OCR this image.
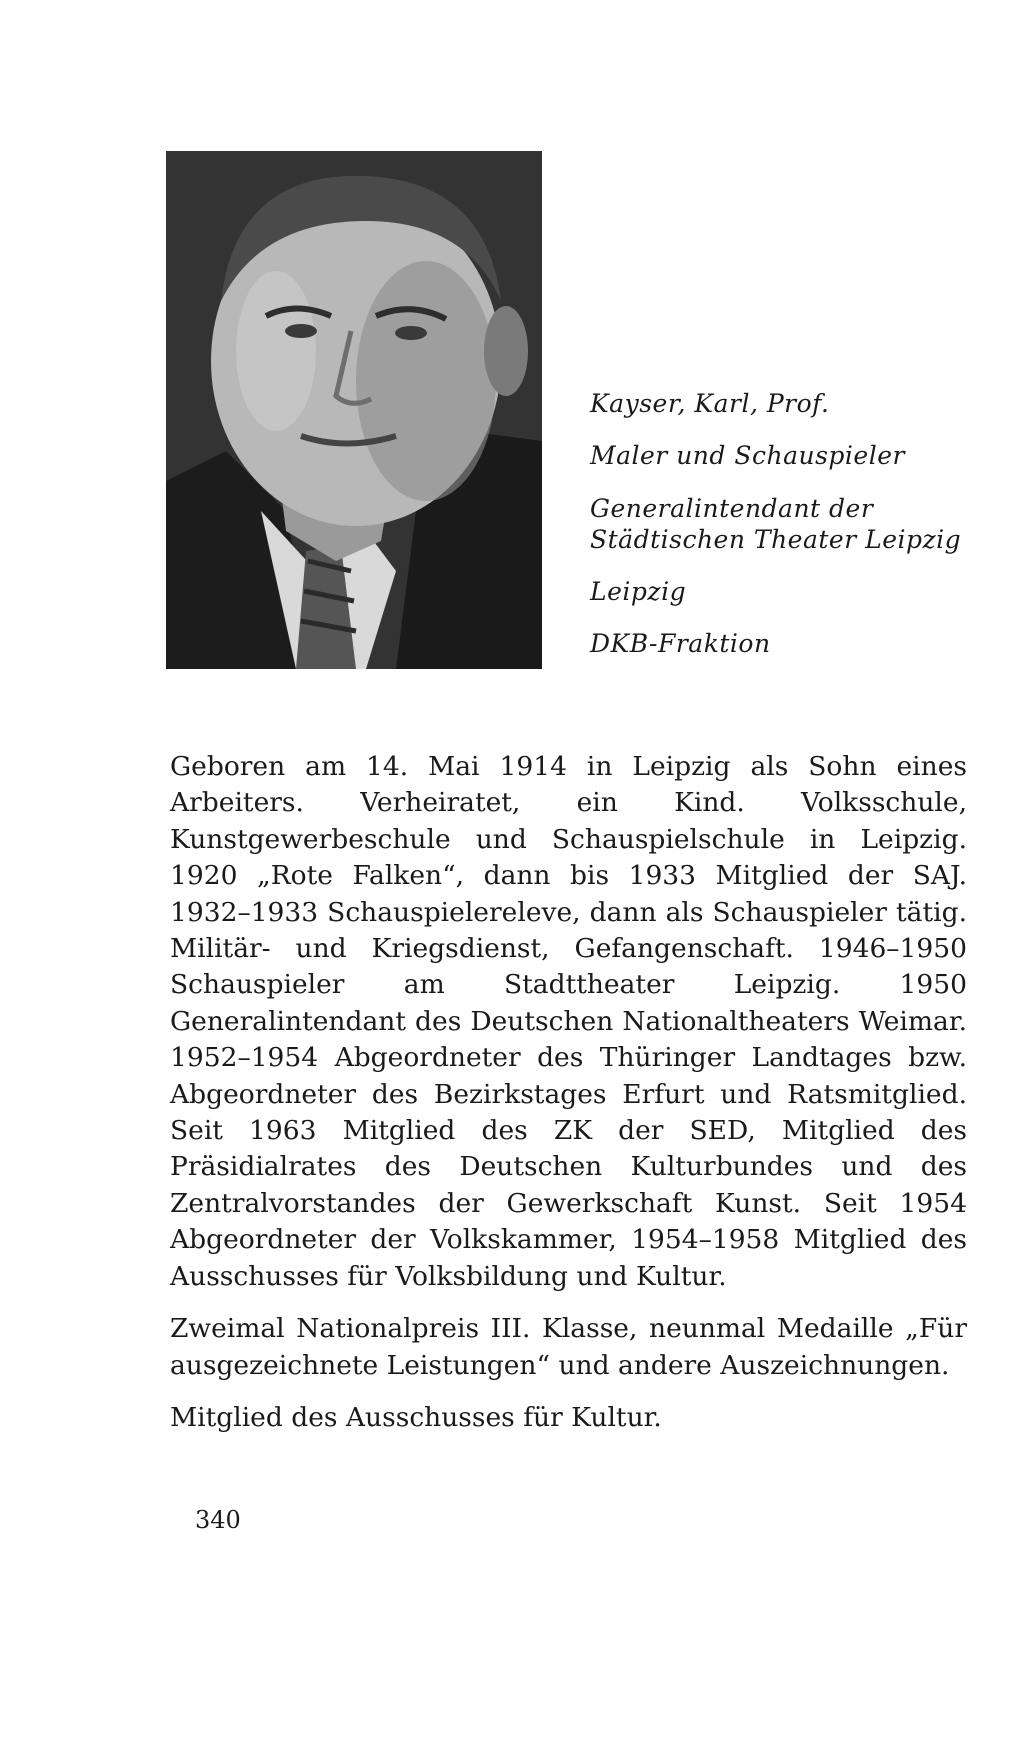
Kayser, Karl, Prof.

Maler und Schauspieler

Generalintendant der

Städtischen Theater Leipzig

Leipzig

DKB-Fraktion

Geboren am 14. Mai 1914 in Leipzig als Sohn eines Arbeiters. Verheiratet, ein Kind. Volksschule, Kunstgewerbeschule und Schauspielschule in Leipzig. 1920 „Rote Falken“, dann bis 1933 Mitglied der SAJ. 1932–1933 Schauspielereleve, dann als Schauspieler tätig. Militär- und Kriegsdienst, Gefangenschaft. 1946–1950 Schauspieler am Stadttheater Leipzig. 1950 Generalintendant des Deutschen Nationaltheaters Weimar. 1952–1954 Abgeordneter des Thüringer Landtages bzw. Abgeordneter des Bezirkstages Erfurt und Ratsmitglied. Seit 1963 Mitglied des ZK der SED, Mitglied des Präsidialrates des Deutschen Kulturbundes und des Zentralvorstandes der Gewerkschaft Kunst. Seit 1954 Abgeordneter der Volkskammer, 1954–1958 Mitglied des Ausschusses für Volksbildung und Kultur.

Zweimal Nationalpreis III. Klasse, neunmal Medaille „Für ausgezeichnete Leistungen“ und andere Auszeichnungen.

Mitglied des Ausschusses für Kultur.

340
